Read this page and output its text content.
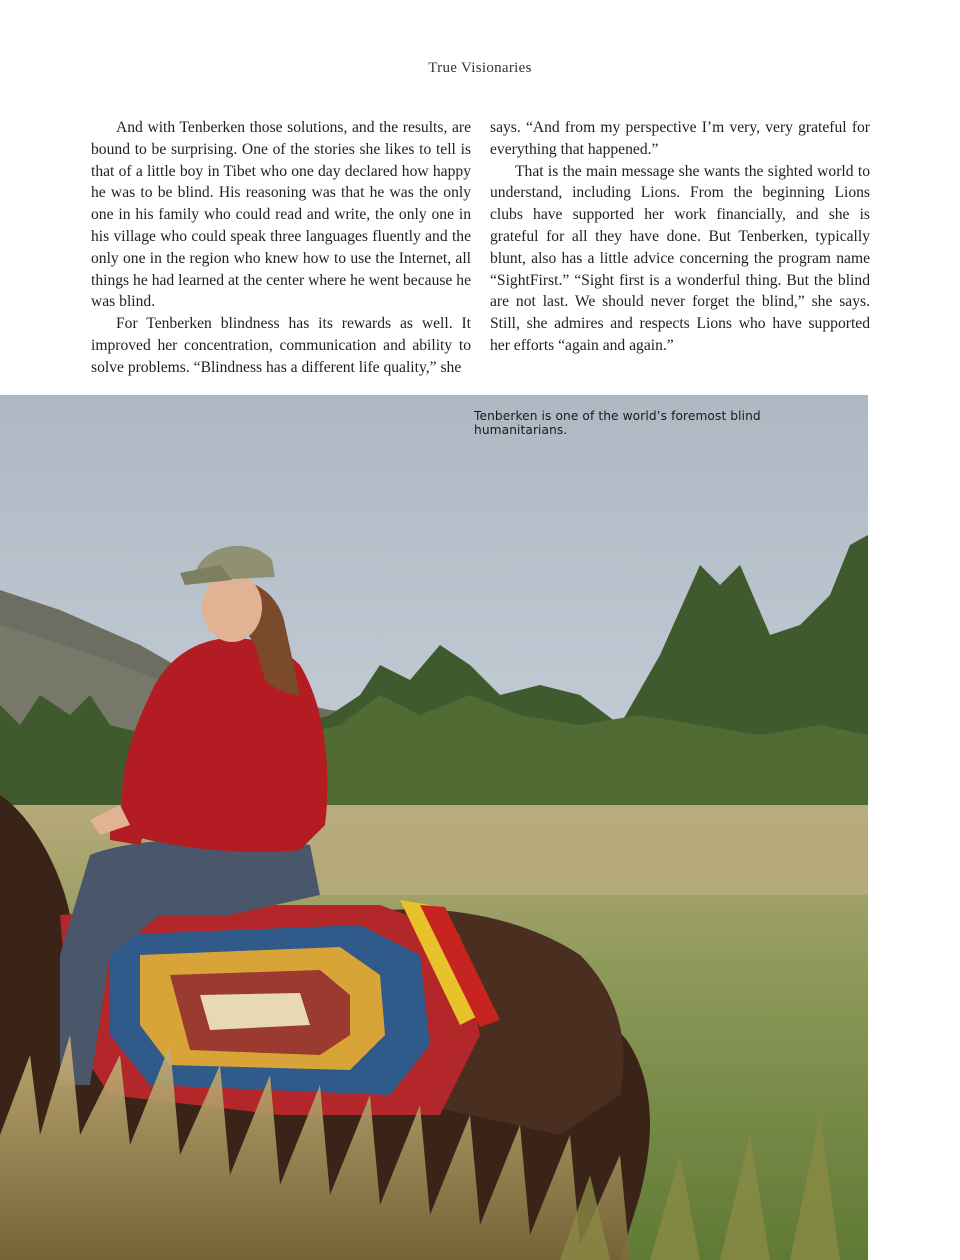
True Visionaries

And with Tenberken those solutions, and the results, are bound to be surprising. One of the stories she likes to tell is that of a little boy in Tibet who one day declared how happy he was to be blind. His reasoning was that he was the only one in his family who could read and write, the only one in his village who could speak three languages fluently and the only one in the region who knew how to use the Internet, all things he had learned at the center where he went because he was blind.

For Tenberken blindness has its rewards as well. It improved her concentration, communication and ability to solve problems. “Blindness has a different life quality,” she

says. “And from my perspective I’m very, very grateful for everything that happened.”

That is the main message she wants the sighted world to understand, including Lions. From the beginning Lions clubs have supported her work financially, and she is grateful for all they have done. But Tenberken, typically blunt, also has a little advice concerning the program name “SightFirst.” “Sight first is a wonderful thing. But the blind are not last. We should never forget the blind,” she says. Still, she admires and respects Lions who have supported her efforts “again and again.”

Tenberken is one of the world’s foremost blind humanitarians.
